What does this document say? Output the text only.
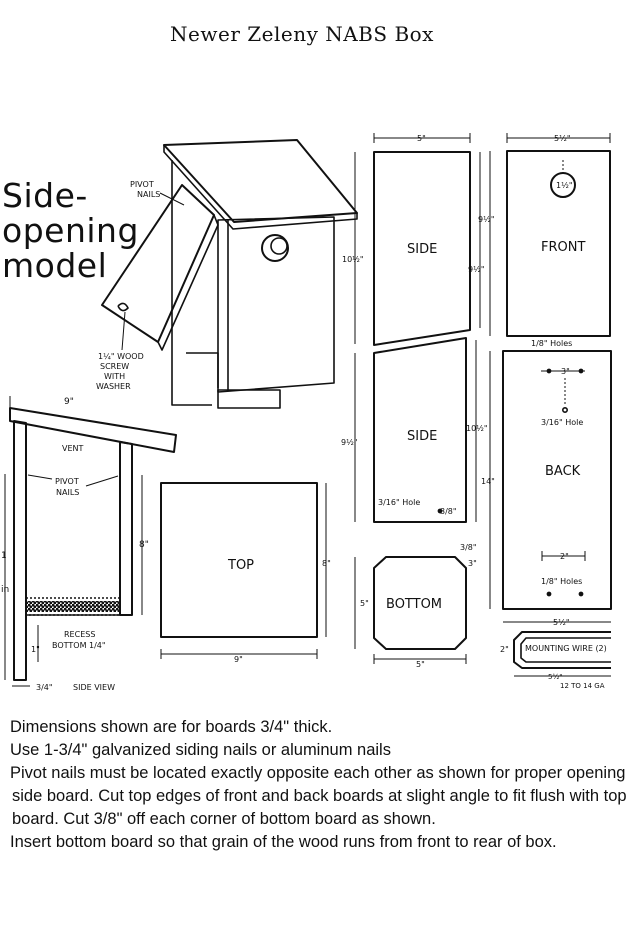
Newer Zeleny NABS Box
Side-
opening
model
PIVOT
NAILS
1¼" WOOD
SCREW
WITH
WASHER
9"
VENT
PIVOT
NAILS
8"
1
in
RECESS
BOTTOM 1/4"
1"
3/4"	SIDE VIEW
5"
SIDE
10½"
9½"
5½"
1½"
FRONT
9½"
1/8" Holes
SIDE
9½"
10½"
3/16" Hole
3/8"
3"
3/16" Hole
BACK
14"
2"
1/8" Holes
5½"
MOUNTING WIRE (2)
2"
5½"
12 TO 14 GA
TOP
9"
8"
BOTTOM
5"
5"
3/8"
3"

Dimensions shown are for boards 3/4" thick.

Use 1-3/4" galvanized siding nails or aluminum nails

Pivot nails must be located exactly opposite each other as shown for proper opening

side board. Cut top edges of front and back boards at slight angle to fit flush with top

board. Cut 3/8" off each corner of bottom board as shown.

Insert bottom board so that grain of the wood runs from front to rear of box.
